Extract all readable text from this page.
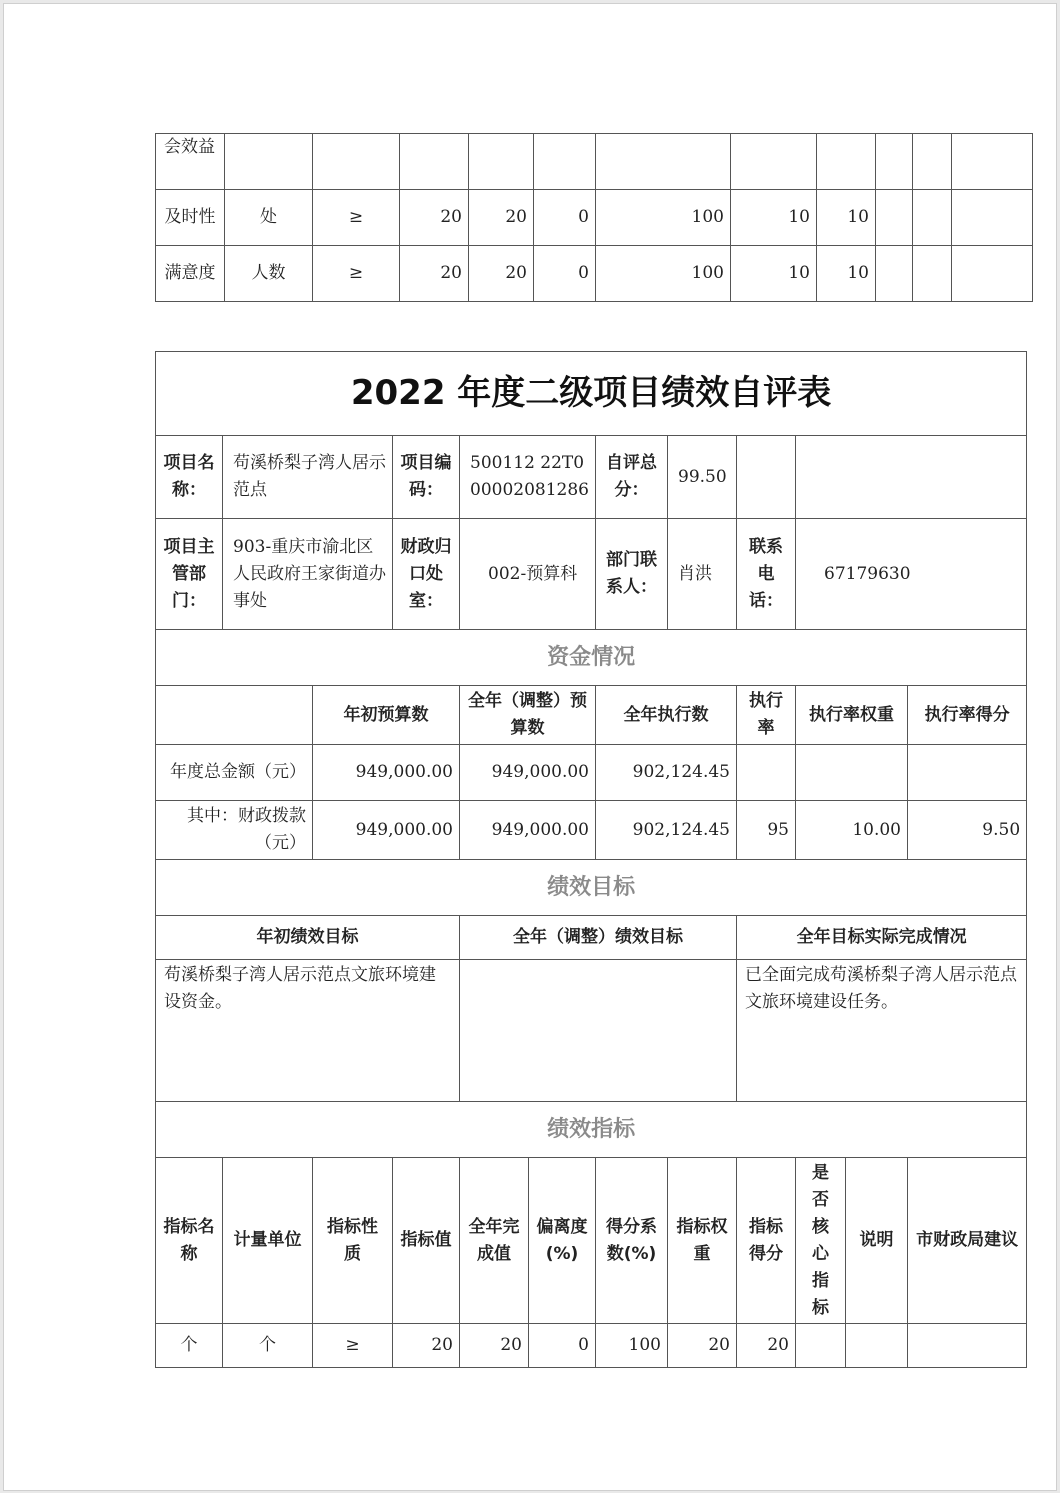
会效益											
及时性	处	≥	20	20	0	100	10	10			
满意度	人数	≥	20	20	0	100	10	10			
2022 年度二级项目绩效自评表											
项目名称：	苟溪桥梨子湾人居示范点		项目编码：	500112 22T000002081286		自评总分：	99.50				
项目主管部门：	903-重庆市渝北区人民政府王家街道办事处		财政归口处室：	002-预算科		部门联系人：	肖洪	联系电话：	67179630		
资金情况											
		年初预算数		全年（调整）预算数		全年执行数		执行率	执行率权重		执行率得分
年度总金额（元）		949,000.00		949,000.00		902,124.45					
其中：财政拨款（元）		949,000.00		949,000.00		902,124.45		95	10.00		9.50
绩效目标											
年初绩效目标				全年（调整）绩效目标				全年目标实际完成情况			
苟溪桥梨子湾人居示范点文旅环境建设资金。								已全面完成苟溪桥梨子湾人居示范点文旅环境建设任务。			
绩效指标											
指标名称	计量单位	指标性质	指标值	全年完成值	偏离度(%)	得分系数(%)	指标权重	指标得分	是否核心指标	说明	市财政局建议
个	个	≥	20	20	0	100	20	20			
